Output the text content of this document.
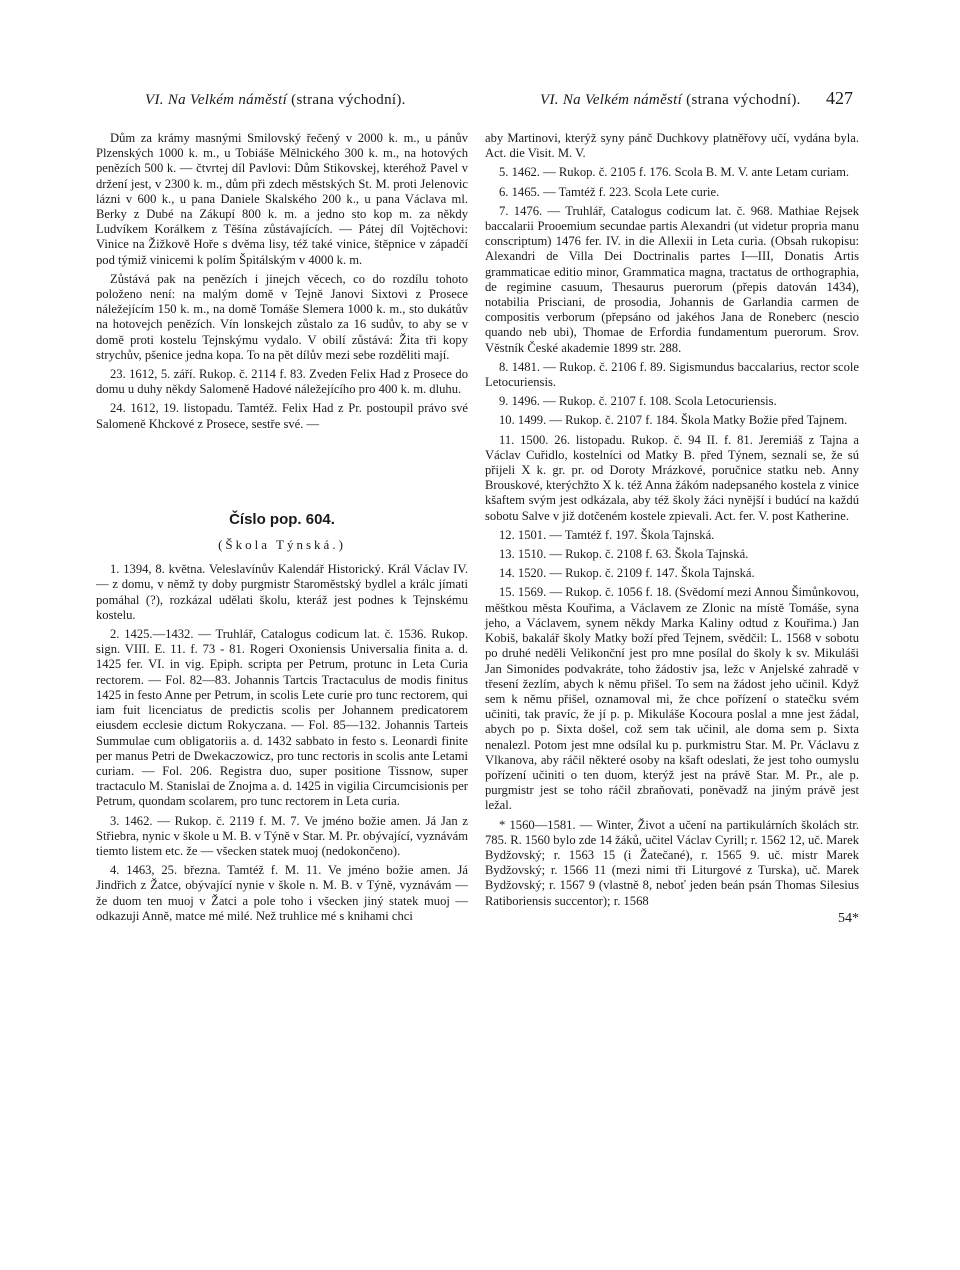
VI. Na Velkém náměstí (strana východní).	VI. Na Velkém náměstí (strana východní). 427

Dům za krámy masnými Smilovský řečený v 2000 k. m., u pánův Plzenských 1000 k. m., u Tobiáše Mělnického 300 k. m., na hotových penězích 500 k. — čtvrtej díl Pavlovi: Dům Stikovskej, kteréhož Pavel v držení jest, v 2300 k. m., dům při zdech městských St. M. proti Jelenovic lázni v 600 k., u pana Daniele Skalského 200 k., u pana Václava ml. Berky z Dubé na Zákupí 800 k. m. a jedno sto kop m. za někdy Ludvíkem Korálkem z Těšína zůstávajících. — Pátej díl Vojtěchovi: Vinice na Žižkově Hoře s dvěma lisy, též také vinice, štěpnice v západčí pod týmiž vinicemi k polím Špitálským v 4000 k. m.

Zůstává pak na penězích i jinejch věcech, co do rozdílu tohoto položeno není: na malým domě v Tejně Janovi Sixtovi z Prosece náležejícím 150 k. m., na domě Tomáše Slemera 1000 k. m., sto dukátův na hotovejch penězích. Vín lonskejch zůstalo za 16 sudův, to aby se v domě proti kostelu Tejnskýmu vydalo. V obilí zůstává: Žita tři kopy strychův, pšenice jedna kopa. To na pět dílův mezi sebe rozděliti mají.

23. 1612, 5. září. Rukop. č. 2114 f. 83. Zveden Felix Had z Prosece do domu u duhy někdy Salomeně Hadové náležejícího pro 400 k. m. dluhu.

24. 1612, 19. listopadu. Tamtéž. Felix Had z Pr. postoupil právo své Salomeně Khckové z Prosece, sestře své. —

Číslo pop. 604.

(Škola Týnská.)

1. 1394, 8. května. Veleslavínův Kalendář Historický. Král Václav IV. — z domu, v němž ty doby purgmistr Staroměstský bydlel a králc jímati pomáhal (?), rozkázal udělati školu, kteráž jest podnes k Tejnskému kostelu.

2. 1425.—1432. — Truhlář, Catalogus codicum lat. č. 1536. Rukop. sign. VIII. E. 11. f. 73 - 81. Rogeri Oxoniensis Universalia finita a. d. 1425 fer. VI. in vig. Epiph. scripta per Petrum, protunc in Leta Curia rectorem. — Fol. 82—83. Johannis Tartcis Tractaculus de modis finitus 1425 in festo Anne per Petrum, in scolis Lete curie pro tunc rectorem, qui iam fuit licenciatus de predictis scolis per Johannem predicatorem eiusdem ecclesie dictum Rokyczana. — Fol. 85—132. Johannis Tarteis Summulae cum obligatoriis a. d. 1432 sabbato in festo s. Leonardi finite per manus Petri de Dwekaczowicz, pro tunc rectoris in scolis ante Letami curiam. — Fol. 206. Registra duo, super positione Tissnow, super tractaculo M. Stanislai de Znojma a. d. 1425 in vigilia Circumcisionis per Petrum, quondam scolarem, pro tunc rectorem in Leta curia.

3. 1462. — Rukop. č. 2119 f. M. 7. Ve jméno božie amen. Já Jan z Střiebra, nynic v škole u M. B. v Týně v Star. M. Pr. obývající, vyznávám tiemto listem etc. že — všecken statek muoj (nedokončeno).

4. 1463, 25. března. Tamtéž f. M. 11. Ve jméno božie amen. Já Jindřich z Žatce, obývající nynie v škole n. M. B. v Týně, vyznávám — že duom ten muoj v Žatci a pole toho i všecken jiný statek muoj — odkazuji Anně, matce mé milé. Než truhlice mé s knihami chci

aby Martinovi, kterýž syny pánč Duchkovy platněřovy učí, vydána byla. Act. die Visit. M. V.

5. 1462. — Rukop. č. 2105 f. 176. Scola B. M. V. ante Letam curiam.

6. 1465. — Tamtéž f. 223. Scola Lete curie.

7. 1476. — Truhlář, Catalogus codicum lat. č. 968. Mathiae Rejsek baccalarii Prooemium secundae partis Alexandri (ut videtur propria manu conscriptum) 1476 fer. IV. in die Allexii in Leta curia. (Obsah rukopisu: Alexandri de Villa Dei Doctrinalis partes I—III, Donatis Artis grammaticae editio minor, Grammatica magna, tractatus de orthographia, de regimine casuum, Thesaurus puerorum (přepis datován 1434), notabilia Prisciani, de prosodia, Johannis de Garlandia carmen de compositis verborum (přepsáno od jakéhos Jana de Roneberc (nescio quando neb ubi), Thomae de Erfordia fundamentum puerorum. Srov. Věstník České akademie 1899 str. 288.

8. 1481. — Rukop. č. 2106 f. 89. Sigismundus baccalarius, rector scole Letocuriensis.

9. 1496. — Rukop. č. 2107 f. 108. Scola Letocuriensis.

10. 1499. — Rukop. č. 2107 f. 184. Škola Matky Božie před Tajnem.

11. 1500. 26. listopadu. Rukop. č. 94 II. f. 81. Jeremiáš z Tajna a Václav Cuřidlo, kostelníci od Matky B. před Týnem, seznali se, že sú přijeli X k. gr. pr. od Doroty Mrázkové, poručnice statku neb. Anny Brouskové, kterýchžto X k. též Anna žákóm nadepsaného kostela z vinice kšaftem svým jest odkázala, aby též školy žáci nynější i budúcí na každú sobotu Salve v již dotčeném kostele zpievali. Act. fer. V. post Katherine.

12. 1501. — Tamtéž f. 197. Škola Tajnská.

13. 1510. — Rukop. č. 2108 f. 63. Škola Tajnská.

14. 1520. — Rukop. č. 2109 f. 147. Škola Tajnská.

15. 1569. — Rukop. č. 1056 f. 18. (Svědomí mezi Annou Šimůnkovou, měštkou města Kouřima, a Václavem ze Zlonic na místě Tomáše, syna jeho, a Václavem, synem někdy Marka Kaliny odtud z Kouřima.) Jan Kobiš, bakalář školy Matky boží před Tejnem, svědčil: L. 1568 v sobotu po druhé neděli Velikonční jest pro mne posílal do školy k sv. Mikuláši Jan Simonides podvakráte, toho žádostiv jsa, ležc v Anjelské zahradě v třesení žezlím, abych k němu přišel. To sem na žádost jeho učinil. Když sem k němu přišel, oznamoval mi, že chce pořízení o statečku svém učiniti, tak pravíc, že jí p. p. Mikuláše Kocoura poslal a mne jest žádal, abych po p. Sixta došel, což sem tak učinil, ale doma sem p. Sixta nenalezl. Potom jest mne odsílal ku p. purkmistru Star. M. Pr. Václavu z Vlkanova, aby ráčil některé osoby na kšaft odeslati, že jest toho oumyslu pořízení učiniti o ten duom, kterýž jest na právě Star. M. Pr., ale p. purgmistr jest se toho ráčil zbraňovati, poněvadž na jiným právě jest ležal.

* 1560—1581. — Winter, Život a učení na partikulárních školách str. 785. R. 1560 bylo zde 14 žáků, učitel Václav Cyrill; r. 1562 12, uč. Marek Bydžovský; r. 1563 15 (i Žatečané), r. 1565 9. uč. mistr Marek Bydžovský; r. 1566 11 (mezi nimi tři Liturgové z Turska), uč. Marek Bydžovský; r. 1567 9 (vlastně 8, neboť jeden beán psán Thomas Silesius Ratiboriensis succentor); r. 1568

54*
